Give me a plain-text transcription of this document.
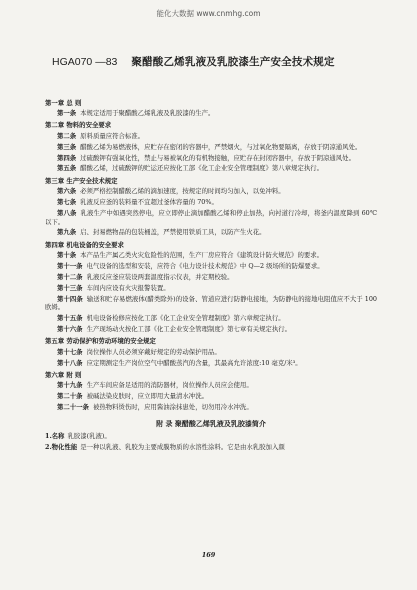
能化大数据 www.cnmhg.com
HGA070 —83 聚醋酸乙烯乳液及乳胶漆生产安全技术规定
第一章 总 则
第一条 本规定适用于聚醋酸乙烯乳液及乳胶漆的生产。
第二章 物料的安全要求
第二条 原料质量应符合标准。
第三条 醋酸乙烯为易燃液体，应贮存在密闭的容器中，严禁烟火，与过氧化物要隔离，存放于阴凉通风处。
第四条 过硫酸钾有强氧化性，禁止与易被氧化的有机物接触，应贮存在封闭容器中，存放于阴凉通风处。
第五条 醋酸乙烯，过硫酸钾的贮运还应按化工部《化工企业安全管理制度》第八章规定执行。
第三章 生产安全技术规定
第六条 必须严格控制醋酸乙烯的滴加速度，按规定的时间均匀加入，以免冲料。
第七条 乳液反应釜的装料量不宜超过釜体容量的 70%。
第八条 乳液生产中如遇突然停电，应立即停止滴加醋酸乙烯和停止加热，向衬道行冷却，将釜内温度降到 60℃以下。
第九条 启、封易燃物品的包装桶盖，严禁使用铁质工具，以防产生火花。
第四章 机电设备的安全要求
第十条 本产品生产属乙类火灾危险性的范围，生产厂房应符合《建筑设计防火规范》的要求。
第十一条 电气设备的选型和安装，应符合《电力设计技术规范》中 Q—2 级场所的防爆要求。
第十二条 乳液反应釜应装设两套温度指示仪表，并定期校验。
第十三条 车间内应设有火灾报警装置。
第十四条 输送和贮存易燃液体(醋类除外)的设备、管道应进行防静电接地，为防静电的接地电阻值应不大于 100 欧姆。
第十五条 机电设备检修应按化工部《化工企业安全管理制度》第六章规定执行。
第十六条 生产现场动火按化工部《化工企业安全管理制度》第七章有关规定执行。
第五章 劳动保护和劳动环境的安全规定
第十七条 岗位操作人员必须穿戴好规定的劳动保护用品。
第十八条 应定期测定生产岗位空气中醋酸蒸汽的含量，其最高允许浓度:10 毫克/米³。
第六章 附 则
第十九条 生产车间应备足适用的消防器材，岗位操作人员应会使用。
第二十条 被碱法染皮肤时，应立即用大量清水冲洗。
第二十一条 被热物料烫伤时，应用酱油涂抹患处，切勿用冷水冲洗。
附 录 聚醋酸乙烯乳液及乳胶漆简介
1.名称 乳胶漆(乳液)。
2.物化性能 是一种以乳液、乳胶为主要成膜物质的水溶性涂料。它是由水乳胶加入颜
169
